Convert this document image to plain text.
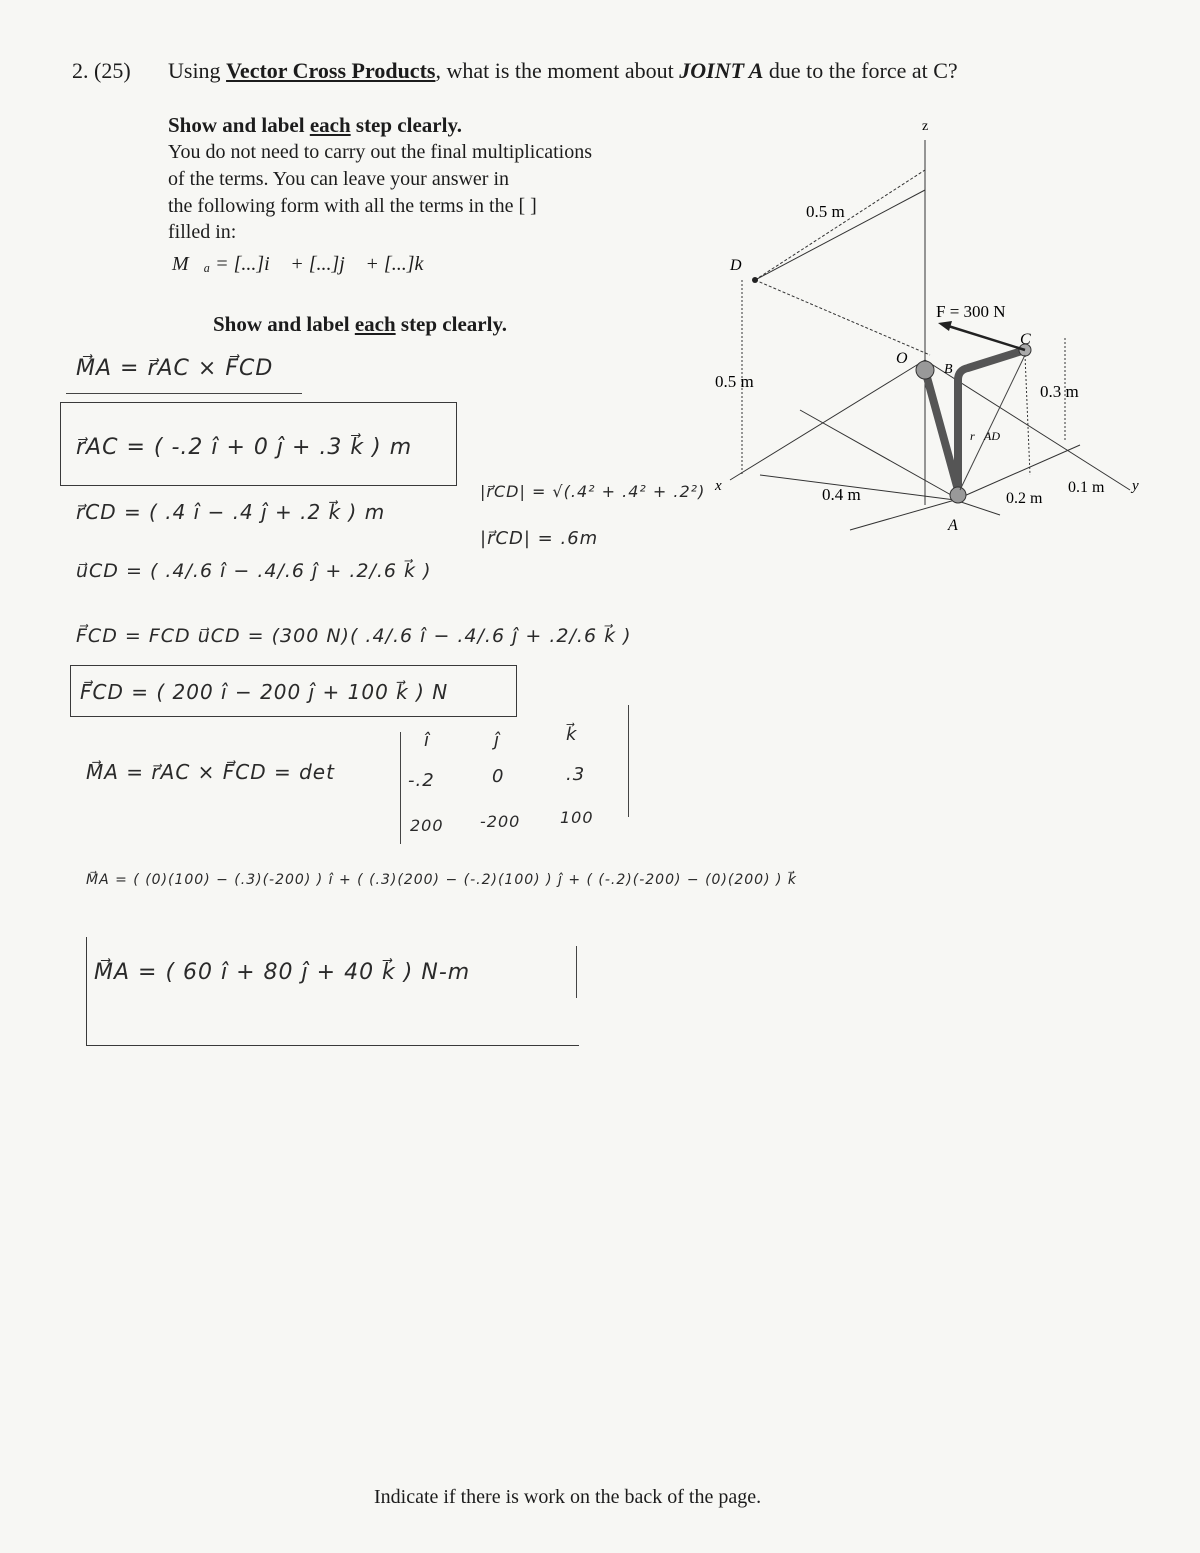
2. (25) Using Vector Cross Products, what is the moment about JOINT A due to the force at C?
Show and label each step clearly.
You do not need to carry out the final multiplications
of the terms. You can leave your answer in
the following form with all the terms in the [ ]
filled in:
M⃗ₐ = [...]i⃗ + [...]j⃗ + [...]k⃗
Show and label each step clearly.
z
D
0.5 m
F = 300 N
C
O
B
0.5 m
0.3 m
r⃗AD
x	0.4 m	0.2 m
0.1 m y
A
M⃗A = r⃗AC × F⃗CD
r⃗AC = ( -.2 î + 0 ĵ + .3 k⃗ ) m
r⃗CD = ( .4 î − .4 ĵ + .2 k⃗ ) m
|r⃗CD| = √(.4² + .4² + .2²)
|r⃗CD| = .6m
u⃗CD = ( .4/.6 î − .4/.6 ĵ + .2/.6 k⃗ )
F⃗CD = FCD u⃗CD = (300 N)( .4/.6 î − .4/.6 ĵ + .2/.6 k⃗ )
F⃗CD = ( 200 î − 200 ĵ + 100 k⃗ ) N
M⃗A = r⃗AC × F⃗CD = det
î	ĵ	k⃗
-.2	0	.3
200 -200 100
M⃗A = ( (0)(100) − (.3)(-200) ) î + ( (.3)(200) − (-.2)(100) ) ĵ + ( (-.2)(-200) − (0)(200) ) k⃗
M⃗A = ( 60 î + 80 ĵ + 40 k⃗ ) N-m
Indicate if there is work on the back of the page.
